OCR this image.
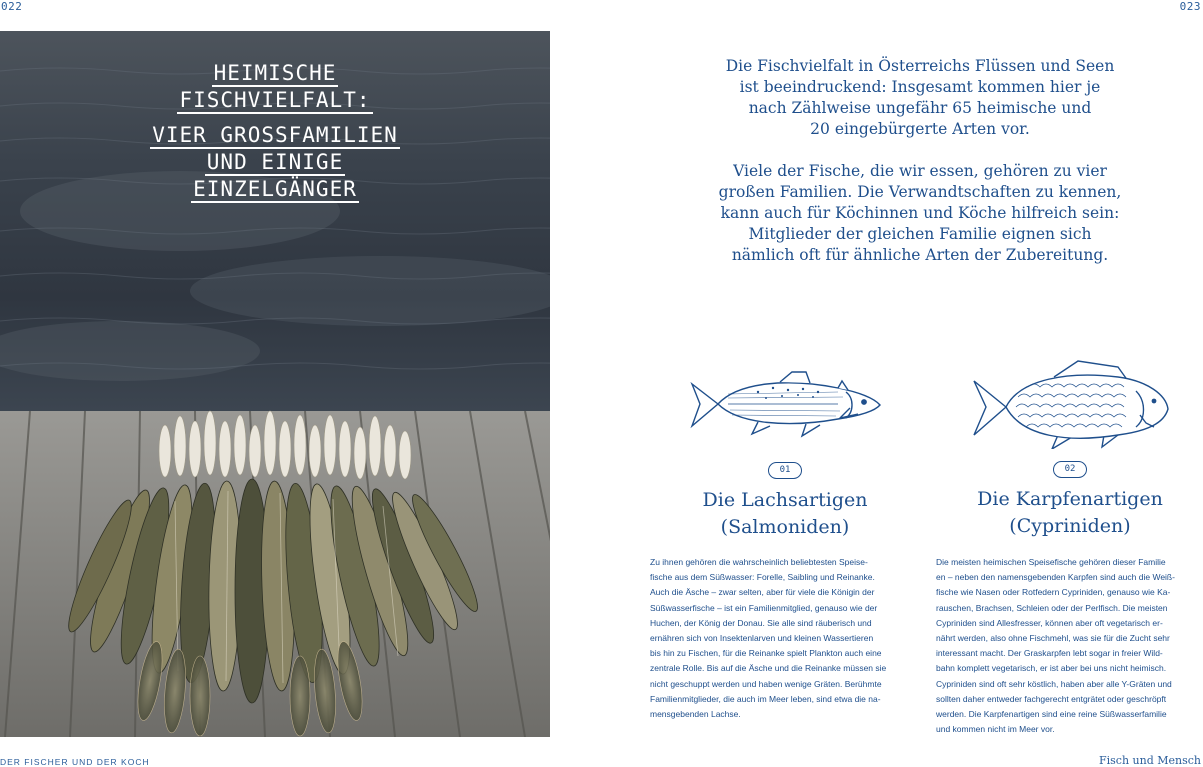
022	023
HEIMISCHE
FISCHVIELFALT:
VIER GROSSFAMILIEN
UND EINIGE
EINZELGÄNGER

Die Fischvielfalt in Österreichs Flüssen und Seen
ist beeindruckend: Insgesamt kommen hier je
nach Zählweise ungefähr 65 heimische und
20 eingebürgerte Arten vor.

Viele der Fische, die wir essen, gehören zu vier
großen Familien. Die Verwandtschaften zu kennen,
kann auch für Köchinnen und Köche hilfreich sein:
Mitglieder der gleichen Familie eignen sich
nämlich oft für ähnliche Arten der Zubereitung.

01	02
Die Lachsartigen
(Salmoniden)
Die Karpfenartigen
(Cypriniden)
Zu ihnen gehören die wahrscheinlich beliebtesten Speise-
fische aus dem Süßwasser: Forelle, Saibling und Reinanke.
Auch die Äsche – zwar selten, aber für viele die Königin der
Süßwasserfische – ist ein Familienmitglied, genauso wie der
Huchen, der König der Donau. Sie alle sind räuberisch und
ernähren sich von Insektenlarven und kleinen Wassertieren
bis hin zu Fischen, für die Reinanke spielt Plankton auch eine
zentrale Rolle. Bis auf die Äsche und die Reinanke müssen sie
nicht geschuppt werden und haben wenige Gräten. Berühmte
Familienmitglieder, die auch im Meer leben, sind etwa die na-
mensgebenden Lachse.
Die meisten heimischen Speisefische gehören dieser Familie
en – neben den namensgebenden Karpfen sind auch die Weiß-
fische wie Nasen oder Rotfedern Cypriniden, genauso wie Ka-
rauschen, Brachsen, Schleien oder der Perlfisch. Die meisten
Cypriniden sind Allesfresser, können aber oft vegetarisch er-
nährt werden, also ohne Fischmehl, was sie für die Zucht sehr
interessant macht. Der Graskarpfen lebt sogar in freier Wild-
bahn komplett vegetarisch, er ist aber bei uns nicht heimisch.
Cypriniden sind oft sehr köstlich, haben aber alle Y-Gräten und
sollten daher entweder fachgerecht entgrätet oder geschröpft
werden. Die Karpfenartigen sind eine reine Süßwasserfamilie
und kommen nicht im Meer vor.
DER FISCHER UND DER KOCH	Fisch und Mensch
